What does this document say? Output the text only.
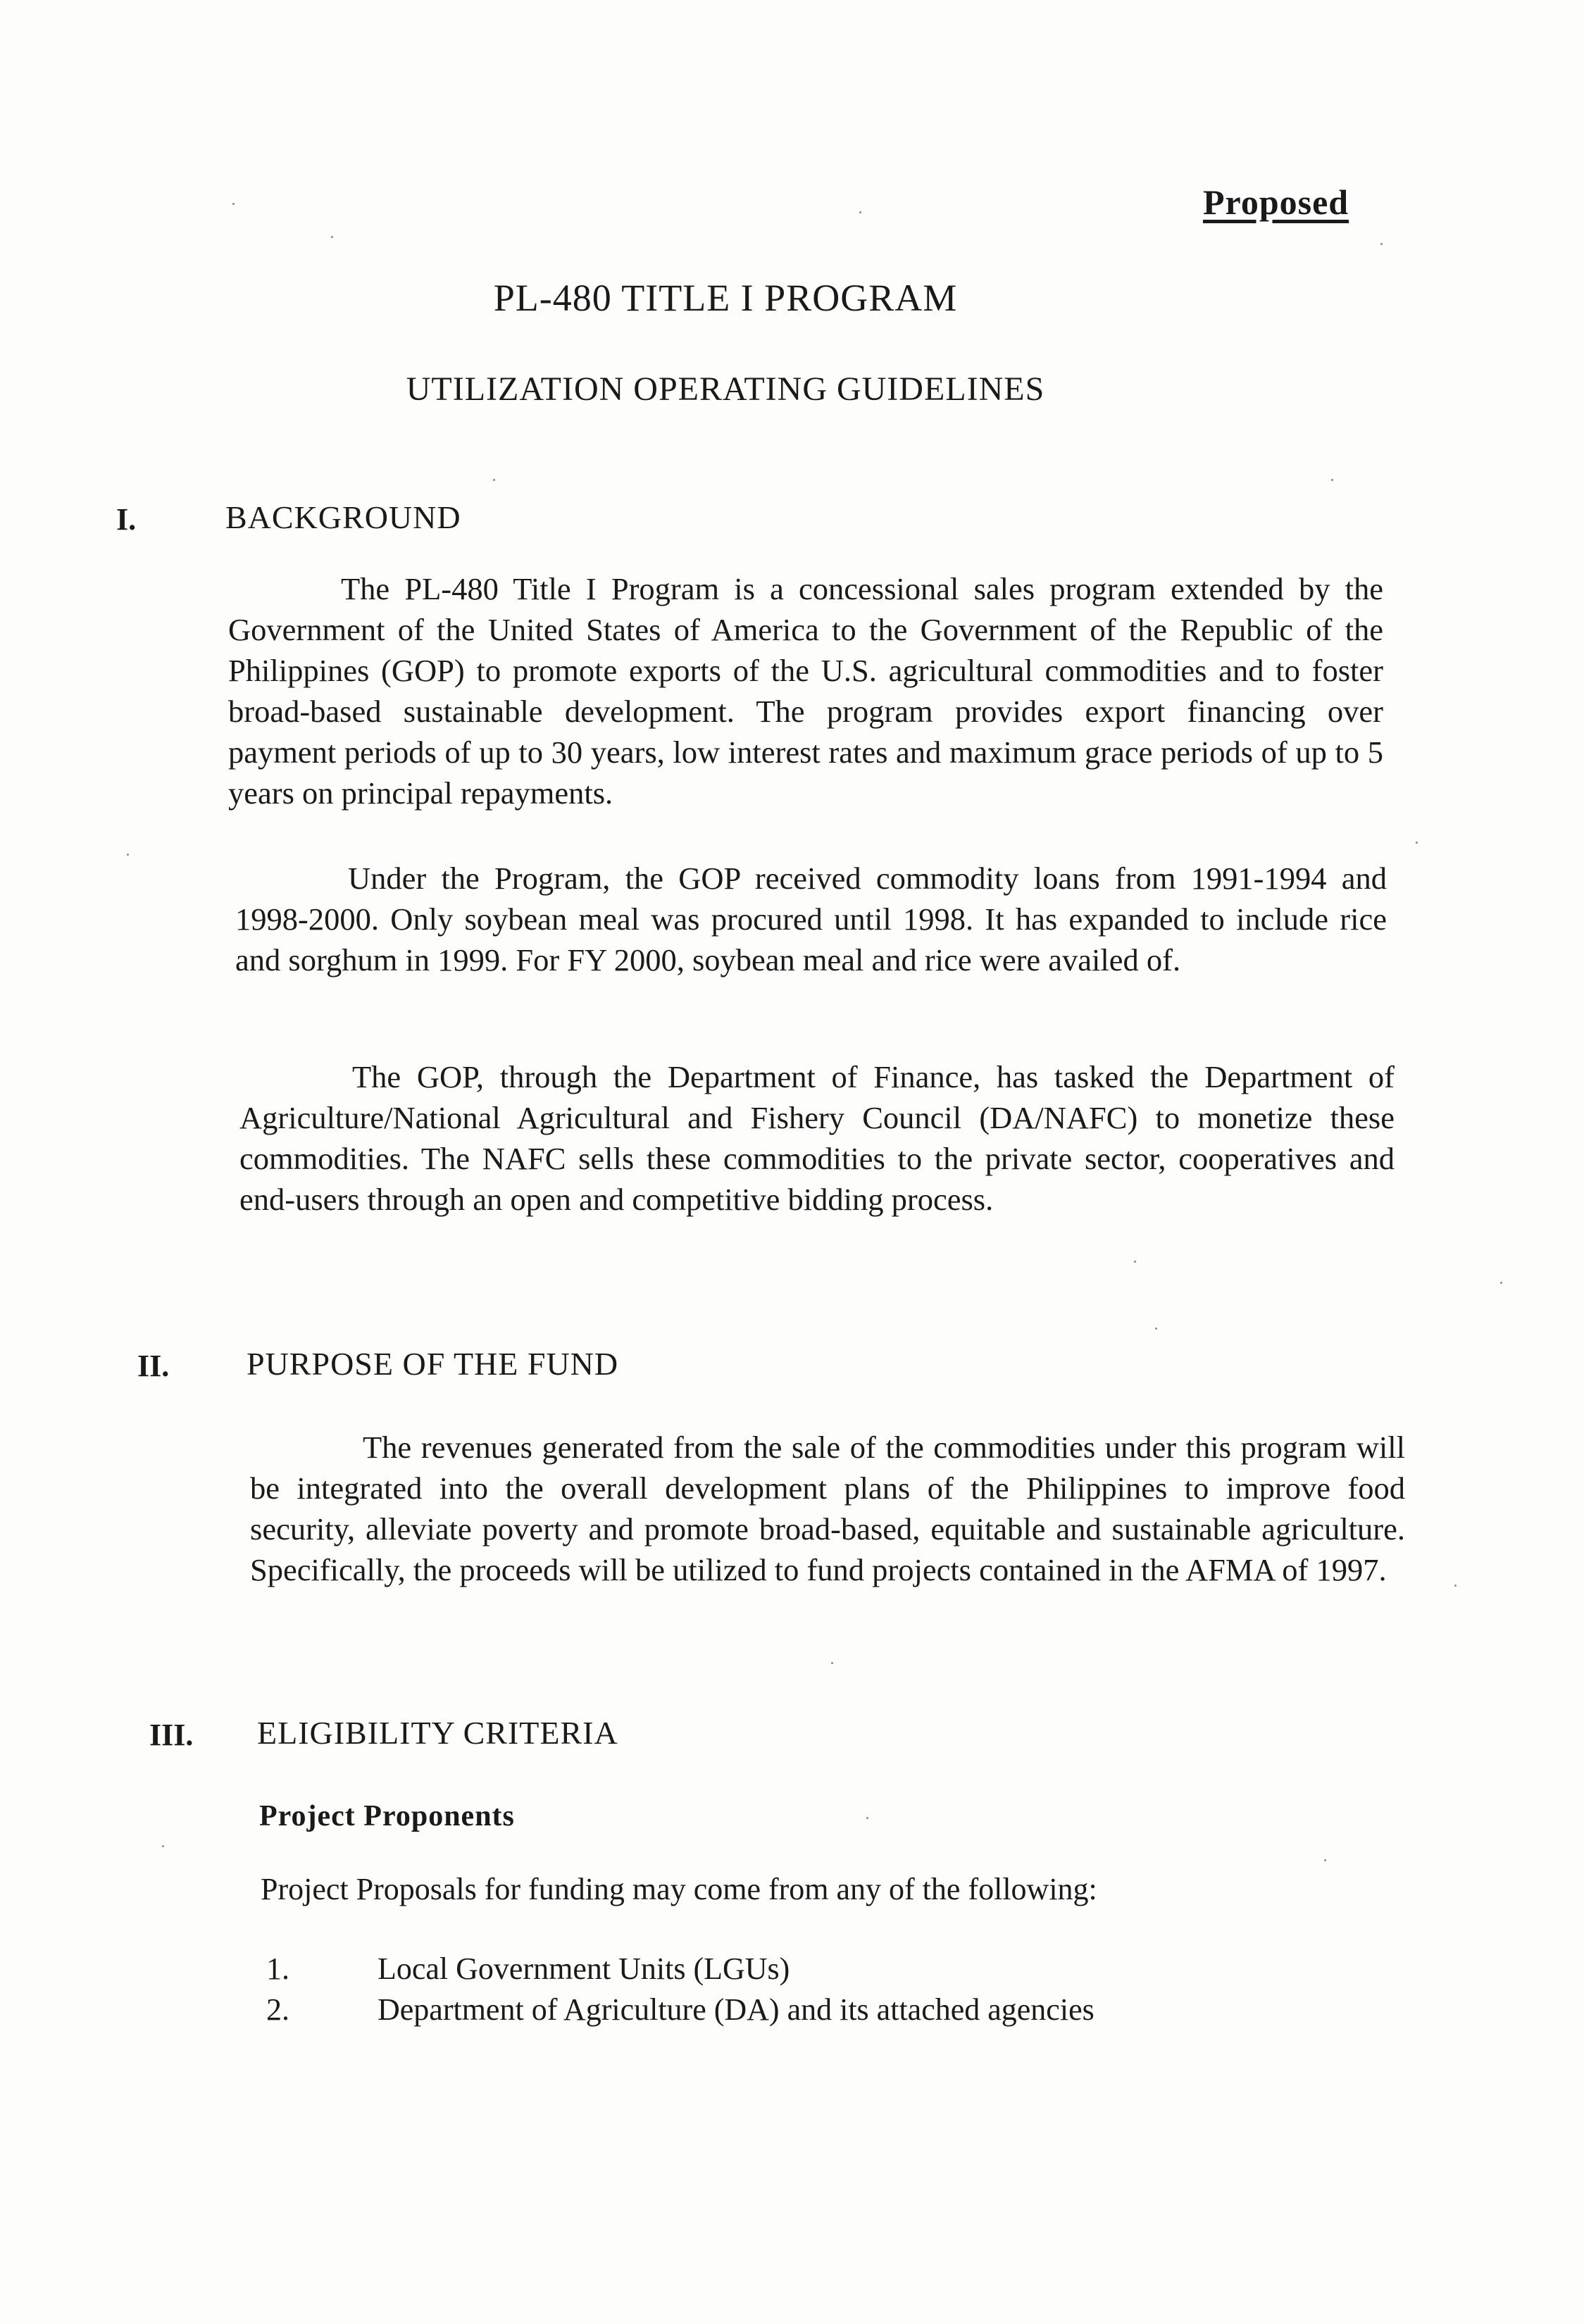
Proposed
PL-480 TITLE I PROGRAM
UTILIZATION OPERATING GUIDELINES
I.	BACKGROUND
The PL-480 Title I Program is a concessional sales program extended by the Government of the United States of America to the Government of the Republic of the Philippines (GOP) to promote exports of the U.S. agricultural commodities and to foster broad-based sustainable development. The program provides export financing over payment periods of up to 30 years, low interest rates and maximum grace periods of up to 5 years on principal repayments.
Under the Program, the GOP received commodity loans from 1991-1994 and 1998-2000. Only soybean meal was procured until 1998. It has expanded to include rice and sorghum in 1999. For FY 2000, soybean meal and rice were availed of.
The GOP, through the Department of Finance, has tasked the Department of Agriculture/National Agricultural and Fishery Council (DA/NAFC) to monetize these commodities. The NAFC sells these commodities to the private sector, cooperatives and end-users through an open and competitive bidding process.
II. PURPOSE OF THE FUND
The revenues generated from the sale of the commodities under this program will be integrated into the overall development plans of the Philippines to improve food security, alleviate poverty and promote broad-based, equitable and sustainable agriculture. Specifically, the proceeds will be utilized to fund projects contained in the AFMA of 1997.
III. ELIGIBILITY CRITERIA
Project Proponents
Project Proposals for funding may come from any of the following:
1.	Local Government Units (LGUs)
2.	Department of Agriculture (DA) and its attached agencies
